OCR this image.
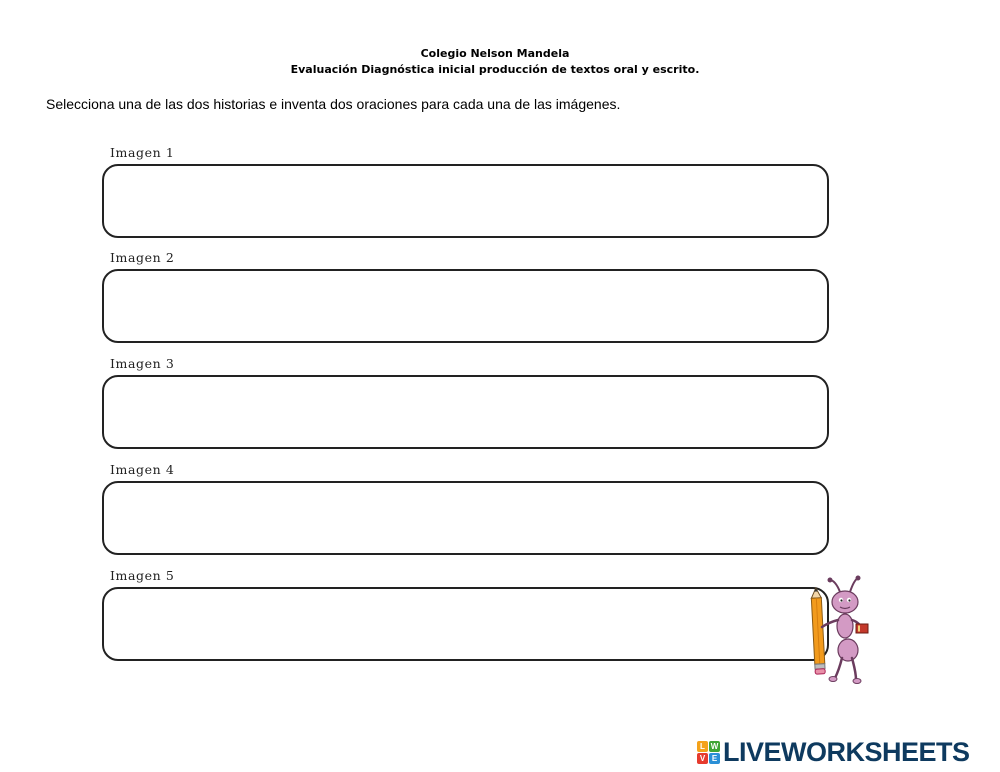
Colegio Nelson Mandela
Evaluación Diagnóstica inicial producción de textos oral y escrito.
Selecciona una de las dos historias e inventa dos oraciones para cada una de las imágenes.
Imagen 1
Imagen 2
Imagen 3
Imagen 4
Imagen 5
L W
V E LIVEWORKSHEETS
